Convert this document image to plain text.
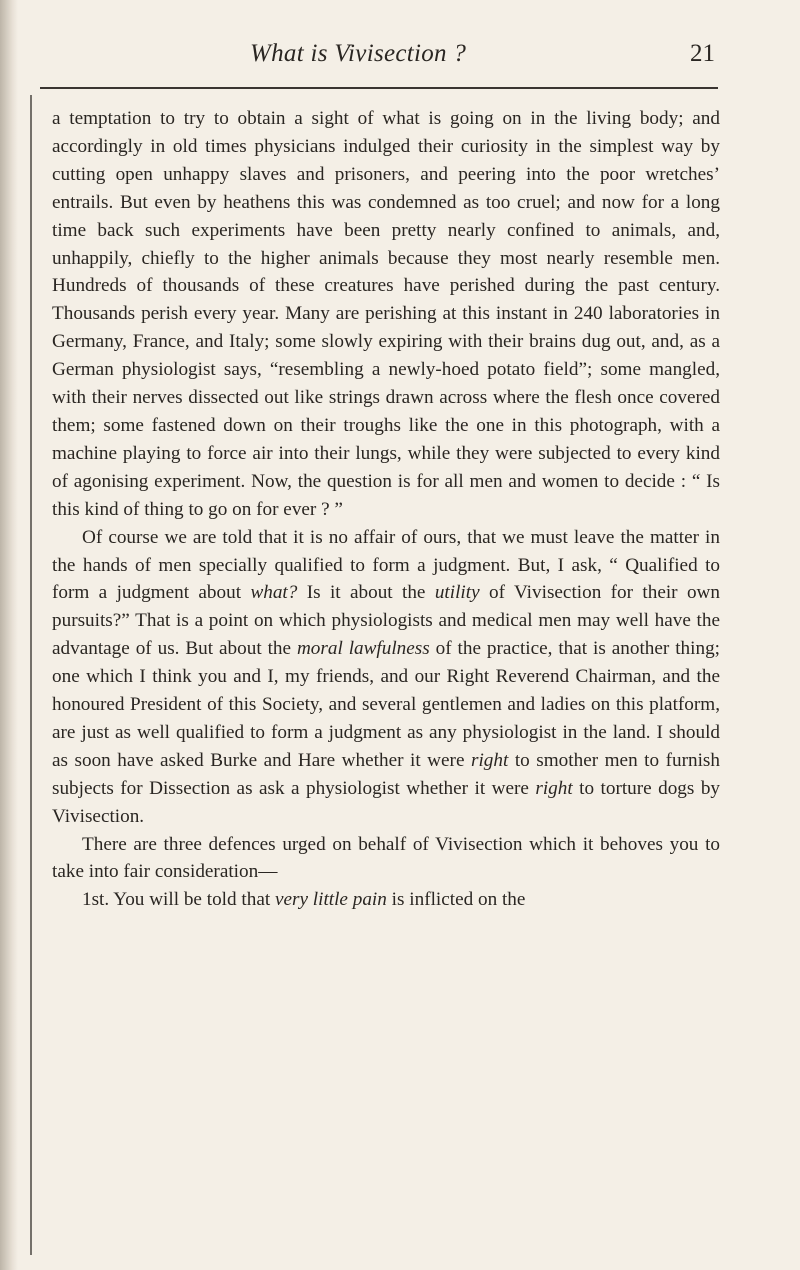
What is Vivisection ?	21

a temptation to try to obtain a sight of what is going on in the living body; and accordingly in old times physicians indulged their curiosity in the simplest way by cutting open unhappy slaves and prisoners, and peering into the poor wretches’ entrails. But even by heathens this was condemned as too cruel; and now for a long time back such experiments have been pretty nearly confined to animals, and, unhappily, chiefly to the higher animals because they most nearly resemble men. Hundreds of thousands of these creatures have perished during the past century. Thousands perish every year. Many are perishing at this instant in 240 laboratories in Germany, France, and Italy; some slowly expiring with their brains dug out, and, as a German physiologist says, “resembling a newly-hoed potato field”; some mangled, with their nerves dissected out like strings drawn across where the flesh once covered them; some fastened down on their troughs like the one in this photograph, with a machine playing to force air into their lungs, while they were subjected to every kind of agonising experiment. Now, the question is for all men and women to decide : “ Is this kind of thing to go on for ever ? ”

Of course we are told that it is no affair of ours, that we must leave the matter in the hands of men specially qualified to form a judgment. But, I ask, “ Qualified to form a judgment about what? Is it about the utility of Vivisection for their own pursuits?” That is a point on which physiologists and medical men may well have the advantage of us. But about the moral lawfulness of the practice, that is another thing; one which I think you and I, my friends, and our Right Reverend Chairman, and the honoured President of this Society, and several gentlemen and ladies on this platform, are just as well qualified to form a judgment as any physiologist in the land. I should as soon have asked Burke and Hare whether it were right to smother men to furnish subjects for Dissection as ask a physiologist whether it were right to torture dogs by Vivisection.

There are three defences urged on behalf of Vivisection which it behoves you to take into fair consideration—

1st. You will be told that very little pain is inflicted on the
